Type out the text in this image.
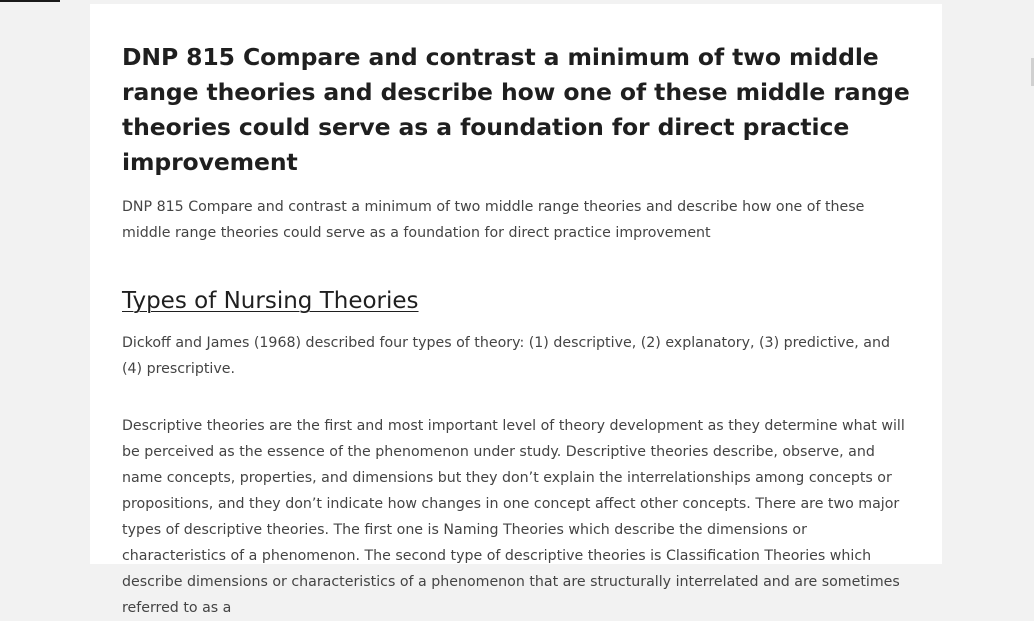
DNP 815 Compare and contrast a minimum of two middle range theories and describe how one of these middle range theories could serve as a foundation for direct practice improvement

DNP 815 Compare and contrast a minimum of two middle range theories and describe how one of these middle range theories could serve as a foundation for direct practice improvement

Types of Nursing Theories

Dickoff and James (1968) described four types of theory: (1) descriptive, (2) explanatory, (3) predictive, and (4) prescriptive.

Descriptive theories are the first and most important level of theory development as they determine what will be perceived as the essence of the phenomenon under study. Descriptive theories describe, observe, and name concepts, properties, and dimensions but they don’t explain the interrelationships among concepts or propositions, and they don’t indicate how changes in one concept affect other concepts. There are two major types of descriptive theories. The first one is Naming Theories which describe the dimensions or characteristics of a phenomenon. The second type of descriptive theories is Classification Theories which describe dimensions or characteristics of a phenomenon that are structurally interrelated and are sometimes referred to as a
